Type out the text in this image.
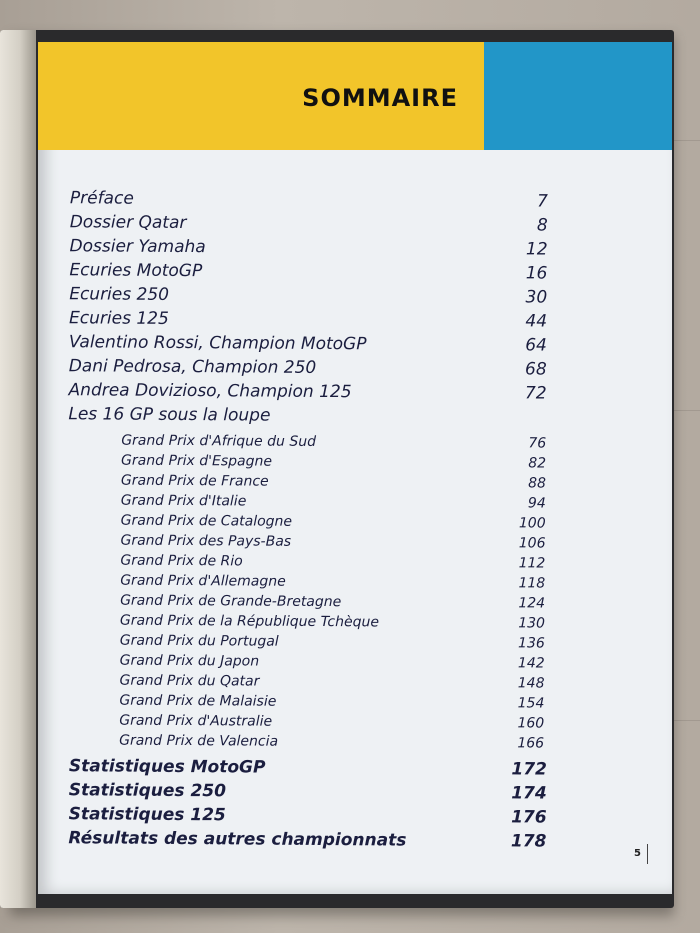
SOMMAIRE
Préface	7
Dossier Qatar	8
Dossier Yamaha	12
Ecuries MotoGP	16
Ecuries 250	30
Ecuries 125	44
Valentino Rossi, Champion MotoGP	64
Dani Pedrosa, Champion 250	68
Andrea Dovizioso, Champion 125	72
Les 16 GP sous la loupe
Grand Prix d'Afrique du Sud	76
Grand Prix d'Espagne	82
Grand Prix de France	88
Grand Prix d'Italie	94
Grand Prix de Catalogne	100
Grand Prix des Pays-Bas	106
Grand Prix de Rio	112
Grand Prix d'Allemagne	118
Grand Prix de Grande-Bretagne	124
Grand Prix de la République Tchèque	130
Grand Prix du Portugal	136
Grand Prix du Japon	142
Grand Prix du Qatar	148
Grand Prix de Malaisie	154
Grand Prix d'Australie	160
Grand Prix de Valencia	166
Statistiques MotoGP	172
Statistiques 250	174
Statistiques 125	176
Résultats des autres championnats	178
5
